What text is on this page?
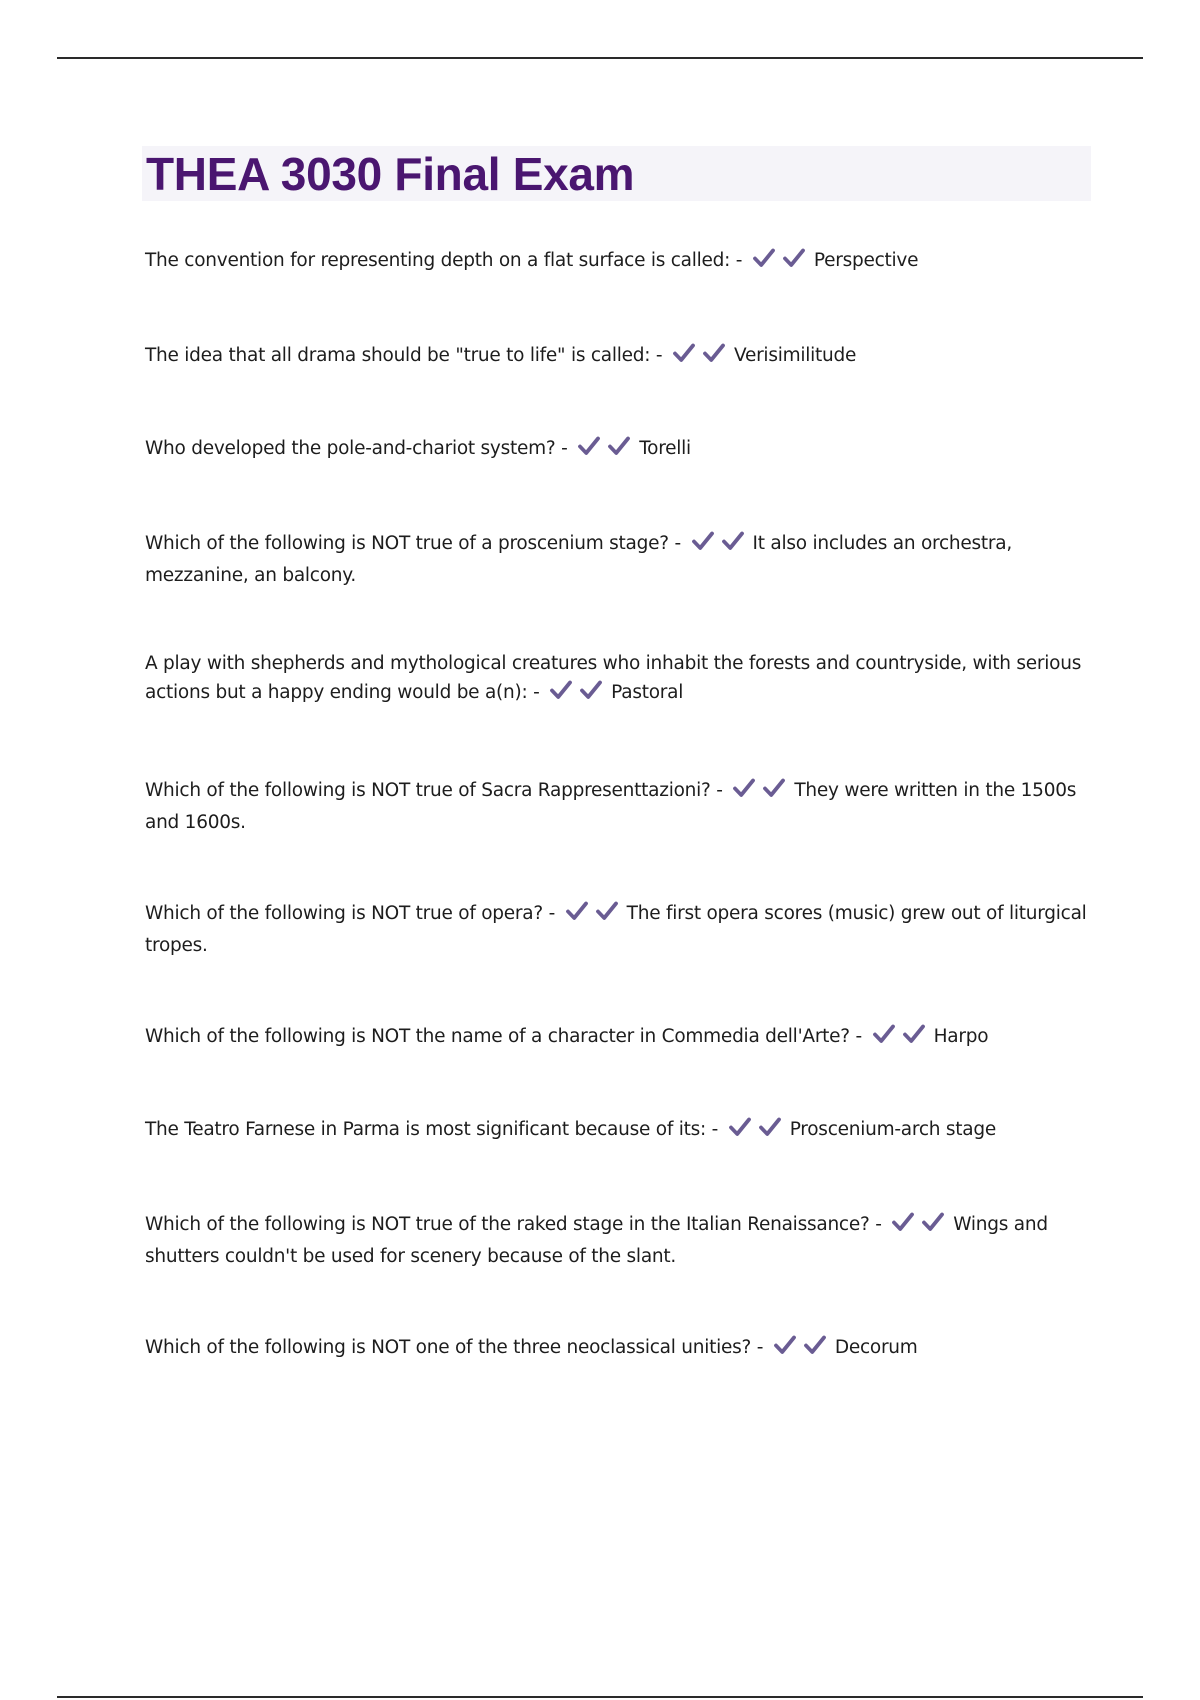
THEA 3030 Final Exam

The convention for representing depth on a flat surface is called: -	Perspective

The idea that all drama should be "true to life" is called: -	Verisimilitude

Who developed the pole-and-chariot system? -	Torelli

Which of the following is NOT true of a proscenium stage? -	It also includes an orchestra, mezzanine, an balcony.

A play with shepherds and mythological creatures who inhabit the forests and countryside, with serious actions but a happy ending would be a(n): -	Pastoral

Which of the following is NOT true of Sacra Rappresenttazioni? -	They were written in the 1500s and 1600s.

Which of the following is NOT true of opera? -	The first opera scores (music) grew out of liturgical tropes.

Which of the following is NOT the name of a character in Commedia dell'Arte? -	Harpo

The Teatro Farnese in Parma is most significant because of its: -	Proscenium-arch stage

Which of the following is NOT true of the raked stage in the Italian Renaissance? -	Wings and shutters couldn't be used for scenery because of the slant.

Which of the following is NOT one of the three neoclassical unities? -	Decorum
